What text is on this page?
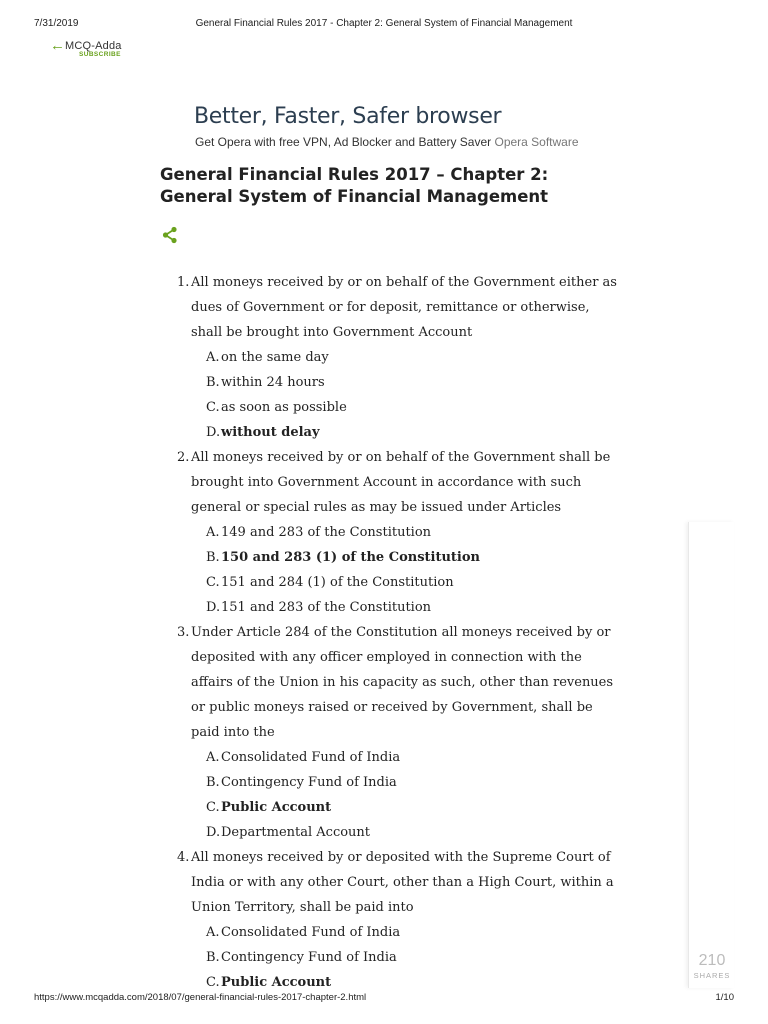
7/31/2019	General Financial Rules 2017 - Chapter 2: General System of Financial Management
← MCQ-Adda
SUBSCRIBE
Better, Faster, Safer browser
Get Opera with free VPN, Ad Blocker and Battery Saver Opera Software
General Financial Rules 2017 – Chapter 2: General System of Financial Management
1. All moneys received by or on behalf of the Government either as dues of Government or for deposit, remittance or otherwise, shall be brought into Government Account
A. on the same day
B. within 24 hours
C. as soon as possible
D. without delay
2. All moneys received by or on behalf of the Government shall be brought into Government Account in accordance with such general or special rules as may be issued under Articles
A. 149 and 283 of the Constitution
B. 150 and 283 (1) of the Constitution
C. 151 and 284 (1) of the Constitution
D. 151 and 283 of the Constitution
3. Under Article 284 of the Constitution all moneys received by or deposited with any officer employed in connection with the affairs of the Union in his capacity as such, other than revenues or public moneys raised or received by Government, shall be paid into the
A. Consolidated Fund of India
B. Contingency Fund of India
C. Public Account
D. Departmental Account
4. All moneys received by or deposited with the Supreme Court of India or with any other Court, other than a High Court, within a Union Territory, shall be paid into
A. Consolidated Fund of India
B. Contingency Fund of India
C. Public Account
210
SHARES
https://www.mcqadda.com/2018/07/general-financial-rules-2017-chapter-2.html	1/10
